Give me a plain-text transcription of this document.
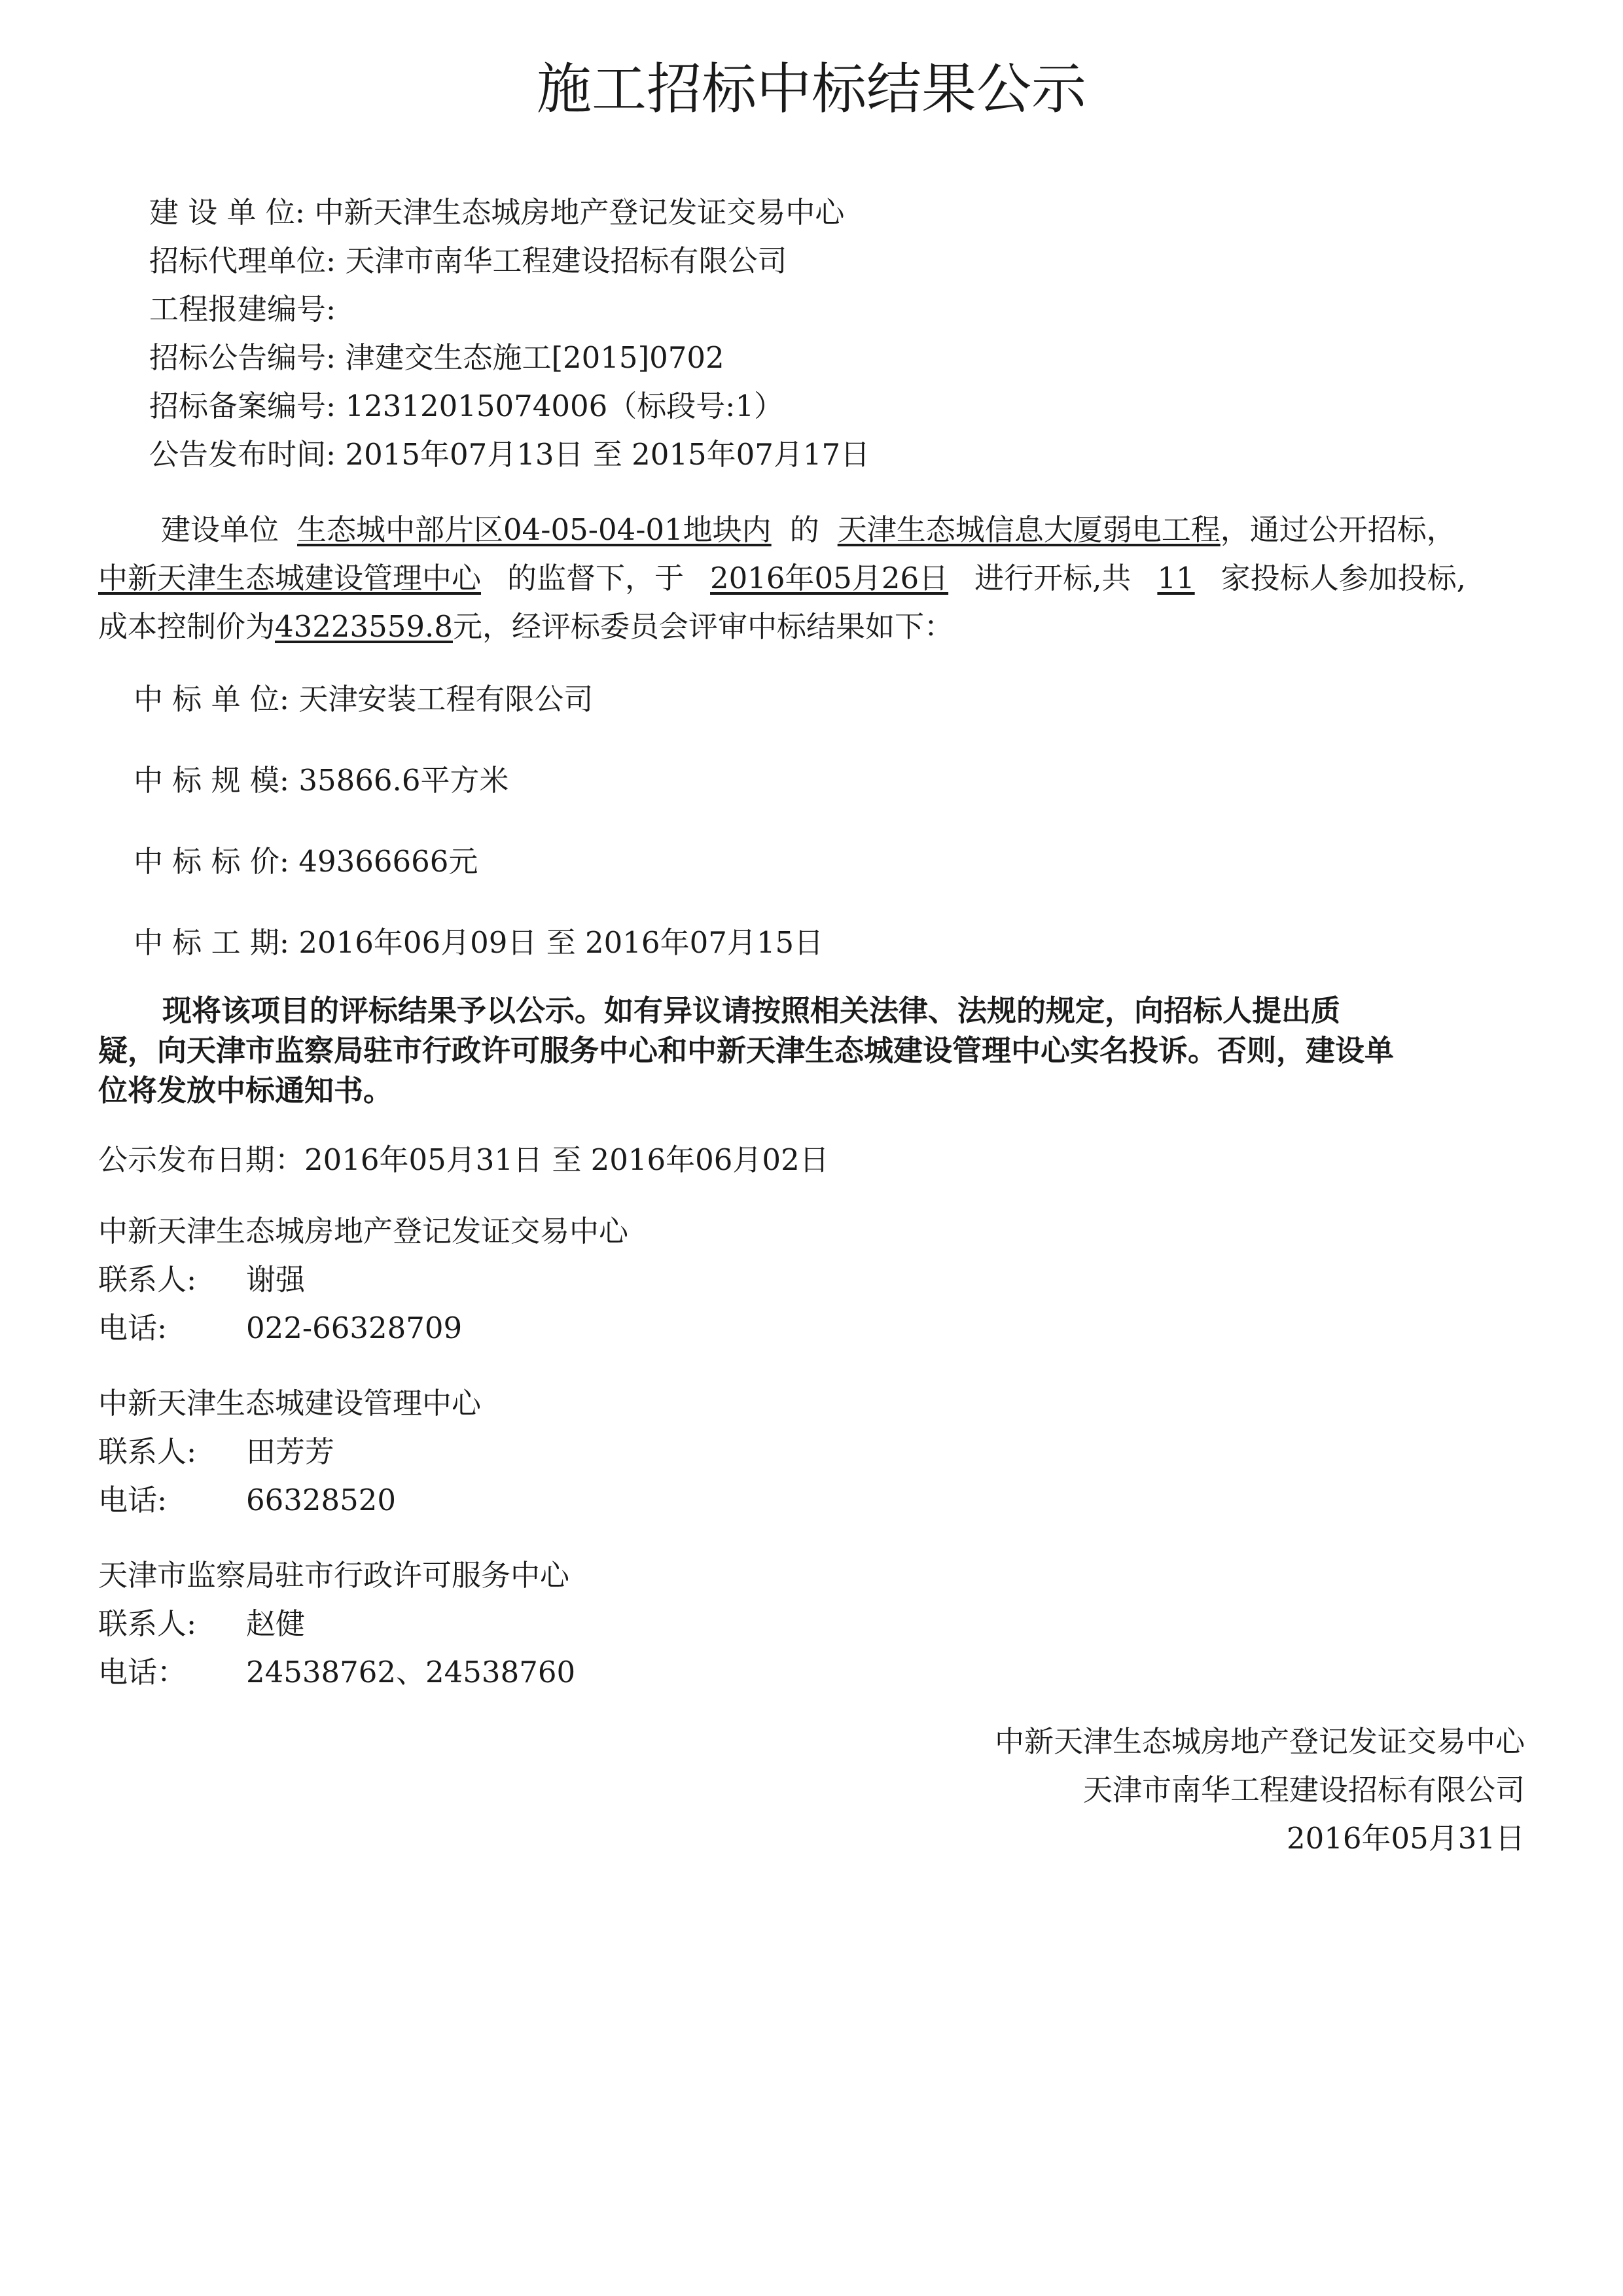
施工招标中标结果公示
建 设 单 位: 中新天津生态城房地产登记发证交易中心
招标代理单位: 天津市南华工程建设招标有限公司
工程报建编号:
招标公告编号: 津建交生态施工[2015]0702
招标备案编号: 12312015074006（标段号:1）
公告发布时间: 2015年07月13日 至 2015年07月17日
建设单位 生态城中部片区04-05-04-01地块内 的 天津生态城信息大厦弱电工程，通过公开招标，
中新天津生态城建设管理中心 的监督下，于 2016年05月26日 进行开标,共 11 家投标人参加投标,
成本控制价为43223559.8元，经评标委员会评审中标结果如下：
中 标 单 位: 天津安装工程有限公司
中 标 规 模: 35866.6平方米
中 标 标 价: 49366666元
中 标 工 期: 2016年06月09日 至 2016年07月15日
现将该项目的评标结果予以公示。如有异议请按照相关法律、法规的规定，向招标人提出质
疑，向天津市监察局驻市行政许可服务中心和中新天津生态城建设管理中心实名投诉。否则，建设单
位将发放中标通知书。
公示发布日期：2016年05月31日 至 2016年06月02日
中新天津生态城房地产登记发证交易中心
联系人: 谢强
电话:	022-66328709
中新天津生态城建设管理中心
联系人: 田芳芳
电话:	66328520
天津市监察局驻市行政许可服务中心
联系人: 赵健
电话： 24538762、24538760
中新天津生态城房地产登记发证交易中心
天津市南华工程建设招标有限公司
2016年05月31日
